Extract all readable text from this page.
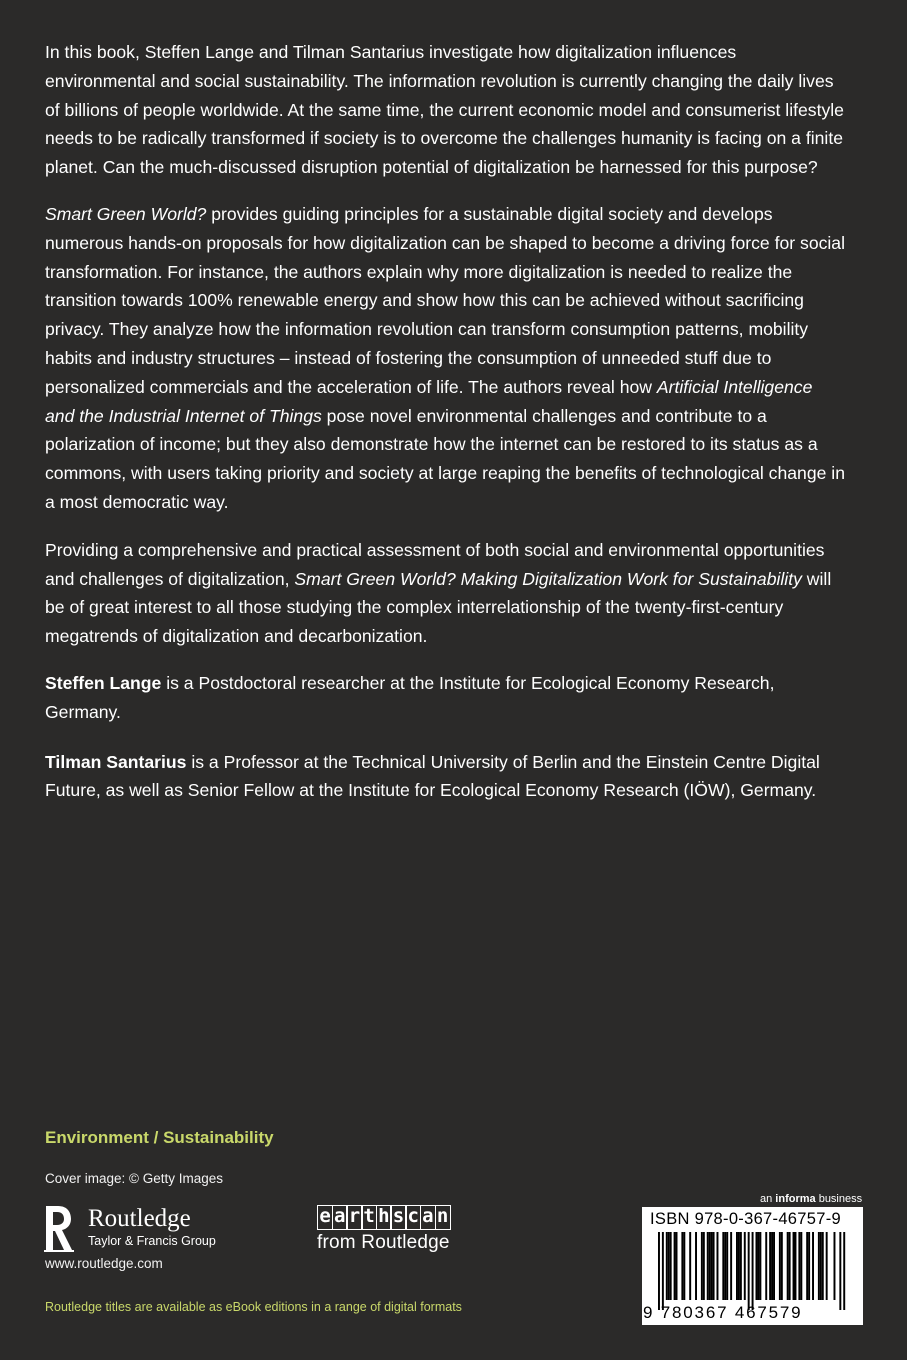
In this book, Steffen Lange and Tilman Santarius investigate how digitalization influences environmental and social sustainability. The information revolution is currently changing the daily lives of billions of people worldwide. At the same time, the current economic model and consumerist lifestyle needs to be radically transformed if society is to overcome the challenges humanity is facing on a finite planet. Can the much-discussed disruption potential of digitalization be harnessed for this purpose?

Smart Green World? provides guiding principles for a sustainable digital society and develops numerous hands-on proposals for how digitalization can be shaped to become a driving force for social transformation. For instance, the authors explain why more digitalization is needed to realize the transition towards 100% renewable energy and show how this can be achieved without sacrificing privacy. They analyze how the information revolution can transform consumption patterns, mobility habits and industry structures – instead of fostering the consumption of unneeded stuff due to personalized commercials and the acceleration of life. The authors reveal how Artificial Intelligence and the Industrial Internet of Things pose novel environmental challenges and contribute to a polarization of income; but they also demonstrate how the internet can be restored to its status as a commons, with users taking priority and society at large reaping the benefits of technological change in a most democratic way.

Providing a comprehensive and practical assessment of both social and environmental opportunities and challenges of digitalization, Smart Green World? Making Digitalization Work for Sustainability will be of great interest to all those studying the complex interrelationship of the twenty-first-century megatrends of digitalization and decarbonization.

Steffen Lange is a Postdoctoral researcher at the Institute for Ecological Economy Research, Germany.

Tilman Santarius is a Professor at the Technical University of Berlin and the Einstein Centre Digital Future, as well as Senior Fellow at the Institute for Ecological Economy Research (IÖW), Germany.

Environment / Sustainability
Cover image: © Getty Images
Routledge
Taylor & Francis Group
www.routledge.com
e a r t h s c a n
from Routledge
Routledge titles are available as eBook editions in a range of digital formats
an informa business
ISBN 978-0-367-46757-9
9 780367 467579
